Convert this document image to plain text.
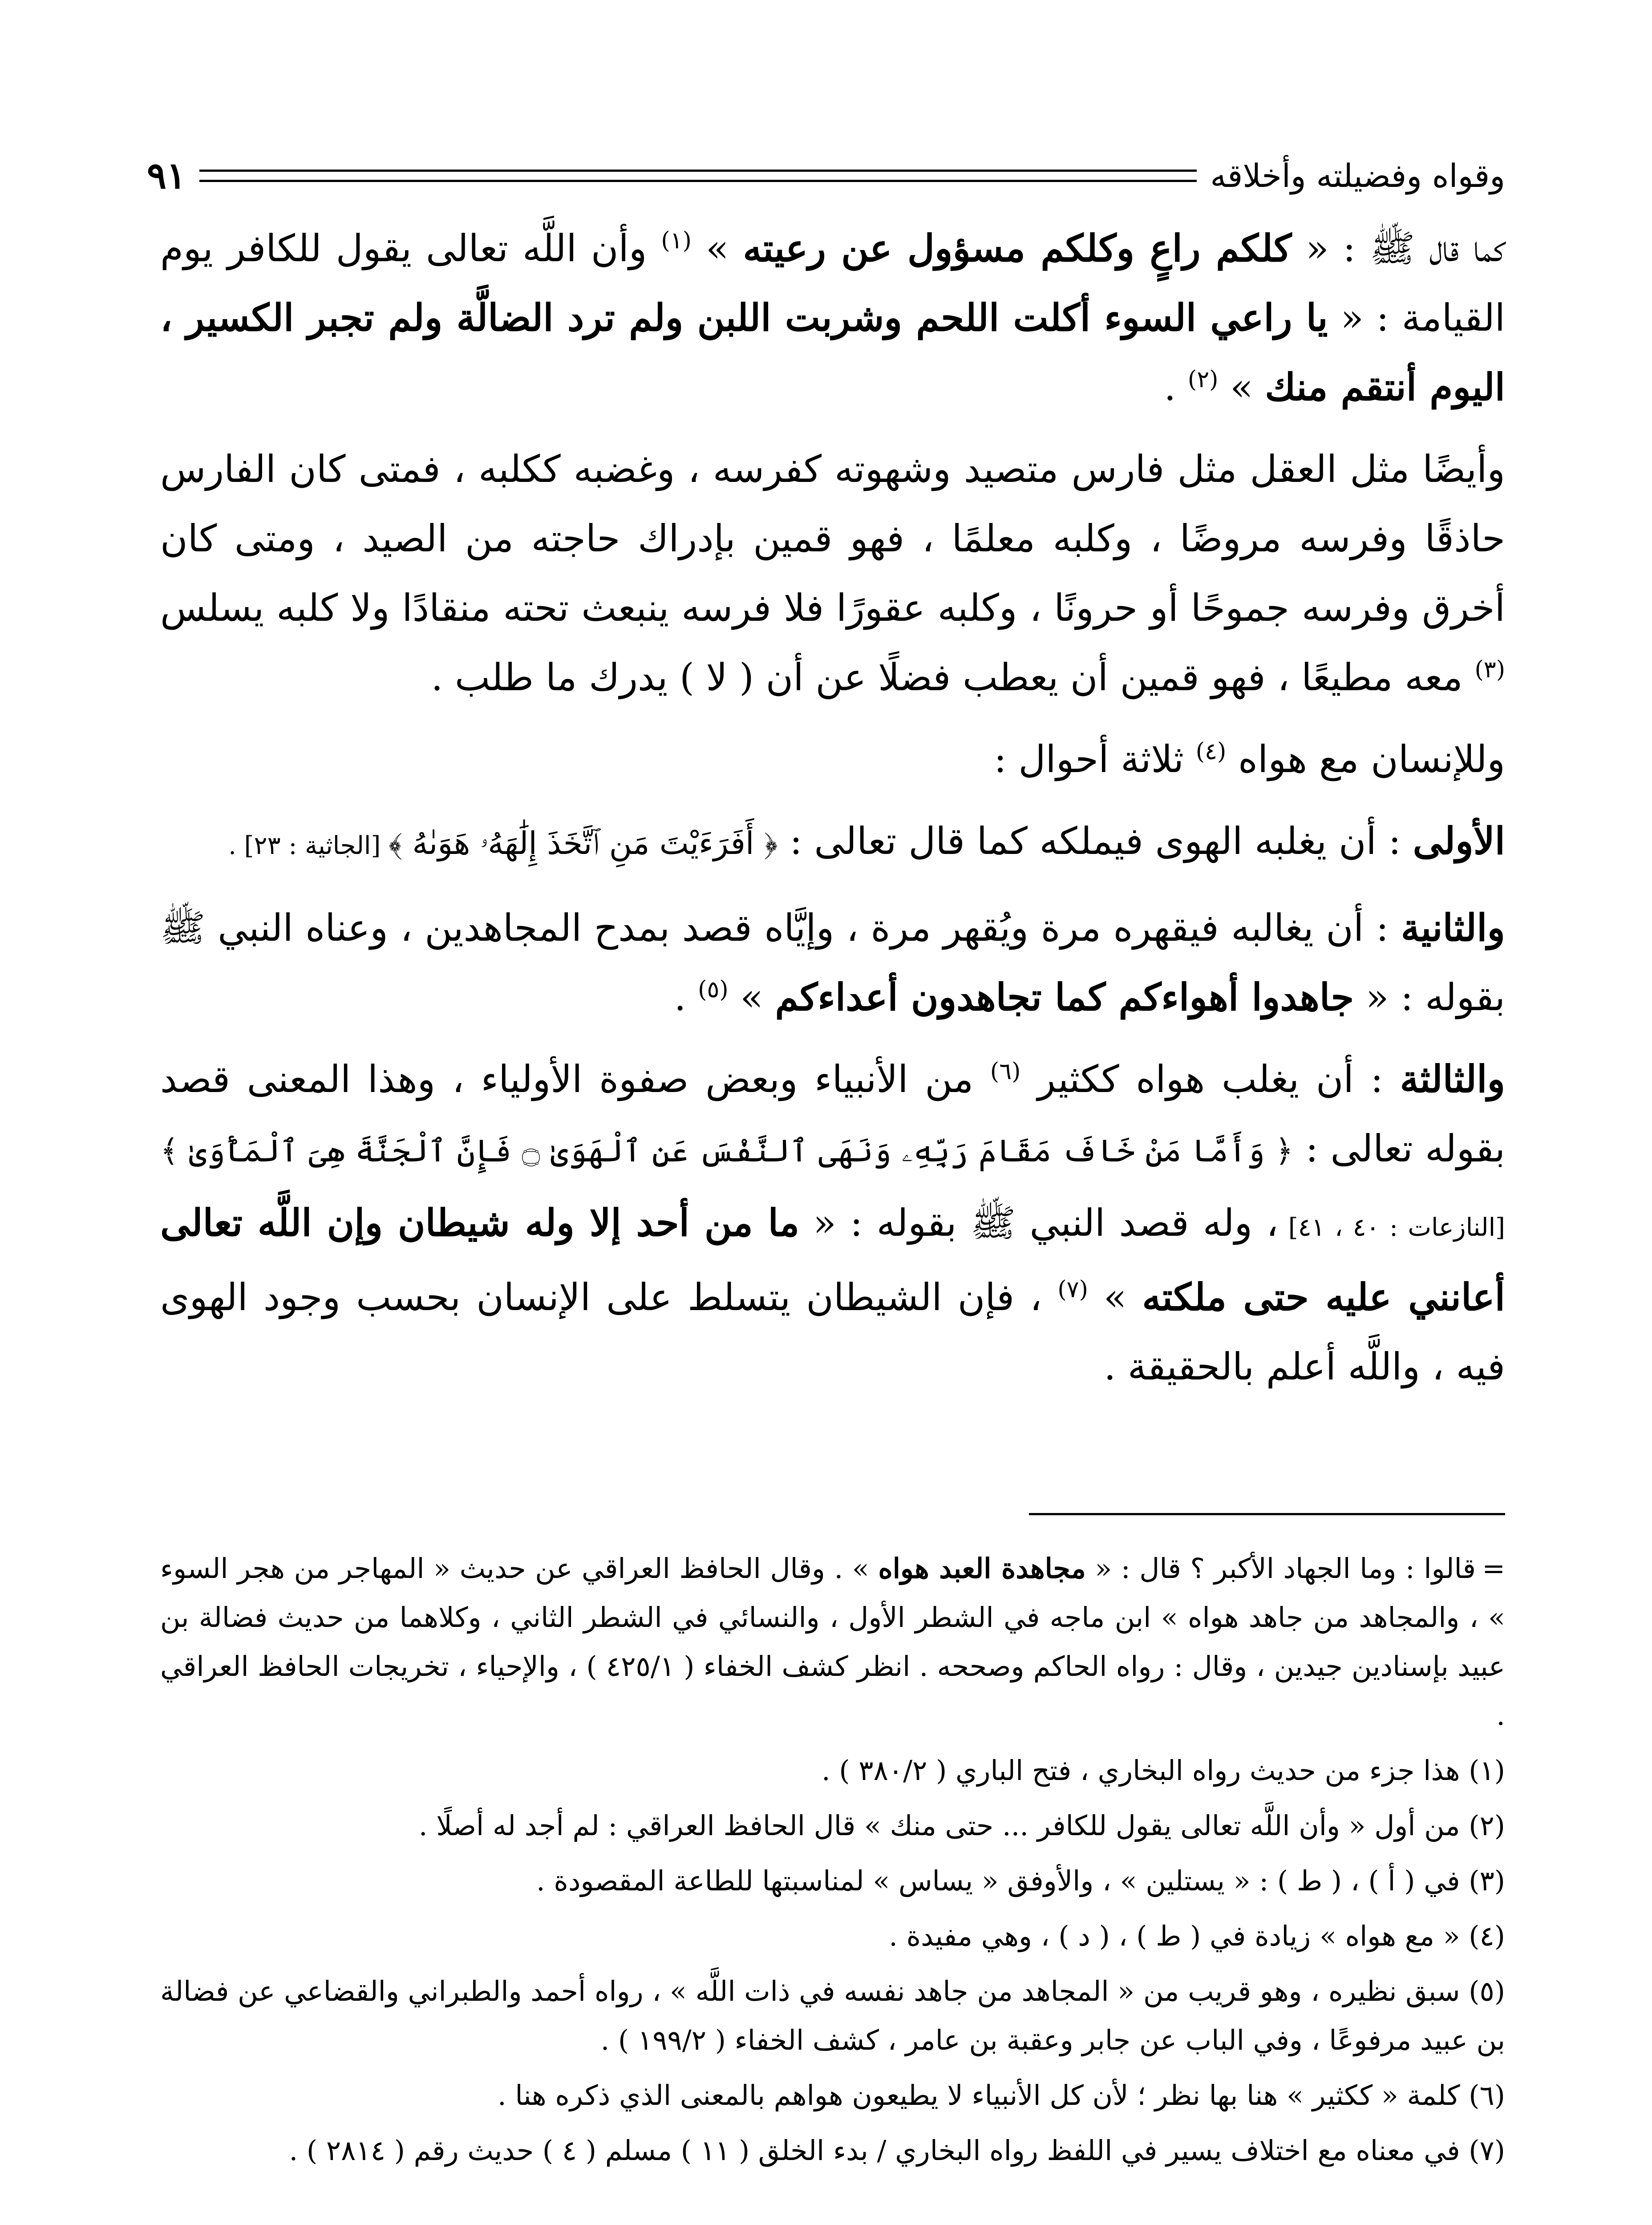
وقواه وفضيلته وأخلاقه
٩١

كما قال ﷺ : « كلكم راعٍ وكلكم مسؤول عن رعيته » $^{(١)}$ وأن اللَّه تعالى يقول للكافر يوم القيامة : « يا راعي السوء أكلت اللحم وشربت اللبن ولم ترد الضالَّة ولم تجبر الكسير ، اليوم أنتقم منك » $^{(٢)}$ .

وأيضًا مثل العقل مثل فارس متصيد وشهوته كفرسه ، وغضبه ككلبه ، فمتى كان الفارس حاذقًا وفرسه مروضًا ، وكلبه معلمًا ، فهو قمين بإدراك حاجته من الصيد ، ومتى كان أخرق وفرسه جموحًا أو حرونًا ، وكلبه عقورًا فلا فرسه ينبعث تحته منقادًا ولا كلبه يسلس $^{(٣)}$ معه مطيعًا ، فهو قمين أن يعطب فضلًا عن أن ( لا ) يدرك ما طلب .

وللإنسان مع هواه $^{(٤)}$ ثلاثة أحوال :

الأولى : أن يغلبه الهوى فيملكه كما قال تعالى : ﴿ أَفَرَءَيْتَ مَنِ ٱتَّخَذَ إِلَٰهَهُۥ هَوَىٰهُ ﴾ [الجاثية : ٢٣] .

والثانية : أن يغالبه فيقهره مرة ويُقهر مرة ، وإيَّاه قصد بمدح المجاهدين ، وعناه النبي ﷺ بقوله : « جاهدوا أهواءكم كما تجاهدون أعداءكم » $^{(٥)}$ .

والثالثة : أن يغلب هواه ككثير $^{(٦)}$ من الأنبياء وبعض صفوة الأولياء ، وهذا المعنى قصد بقوله تعالى : ﴿ وَأَمَّا مَنْ خَافَ مَقَامَ رَبِّهِۦ وَنَهَى ٱلنَّفْسَ عَنِ ٱلْهَوَىٰ ۝ فَإِنَّ ٱلْجَنَّةَ هِىَ ٱلْمَأْوَىٰ ﴾ [النازعات : ٤٠ ، ٤١] ، وله قصد النبي ﷺ بقوله : « ما من أحد إلا وله شيطان وإن اللَّه تعالى أعانني عليه حتى ملكته » $^{(٧)}$ ، فإن الشيطان يتسلط على الإنسان بحسب وجود الهوى فيه ، واللَّه أعلم بالحقيقة .

=قالوا : وما الجهاد الأكبر ؟ قال : « مجاهدة العبد هواه » . وقال الحافظ العراقي عن حديث « المهاجر من هجر السوء » ، والمجاهد من جاهد هواه » ابن ماجه في الشطر الأول ، والنسائي في الشطر الثاني ، وكلاهما من حديث فضالة بن عبيد بإسنادين جيدين ، وقال : رواه الحاكم وصححه . انظر كشف الخفاء ( ٤٢٥/١ ) ، والإحياء ، تخريجات الحافظ العراقي .

(١) هذا جزء من حديث رواه البخاري ، فتح الباري ( ٣٨٠/٢ ) .

(٢) من أول « وأن اللَّه تعالى يقول للكافر ... حتى منك » قال الحافظ العراقي : لم أجد له أصلًا .

(٣) في ( أ ) ، ( ط ) : « يستلين » ، والأوفق « يساس » لمناسبتها للطاعة المقصودة .

(٤) « مع هواه » زيادة في ( ط ) ، ( د ) ، وهي مفيدة .

(٥) سبق نظيره ، وهو قريب من « المجاهد من جاهد نفسه في ذات اللَّه » ، رواه أحمد والطبراني والقضاعي عن فضالة بن عبيد مرفوعًا ، وفي الباب عن جابر وعقبة بن عامر ، كشف الخفاء ( ١٩٩/٢ ) .

(٦) كلمة « ككثير » هنا بها نظر ؛ لأن كل الأنبياء لا يطيعون هواهم بالمعنى الذي ذكره هنا .

(٧) في معناه مع اختلاف يسير في اللفظ رواه البخاري / بدء الخلق ( ١١ ) مسلم ( ٤ ) حديث رقم ( ٢٨١٤ ) .
